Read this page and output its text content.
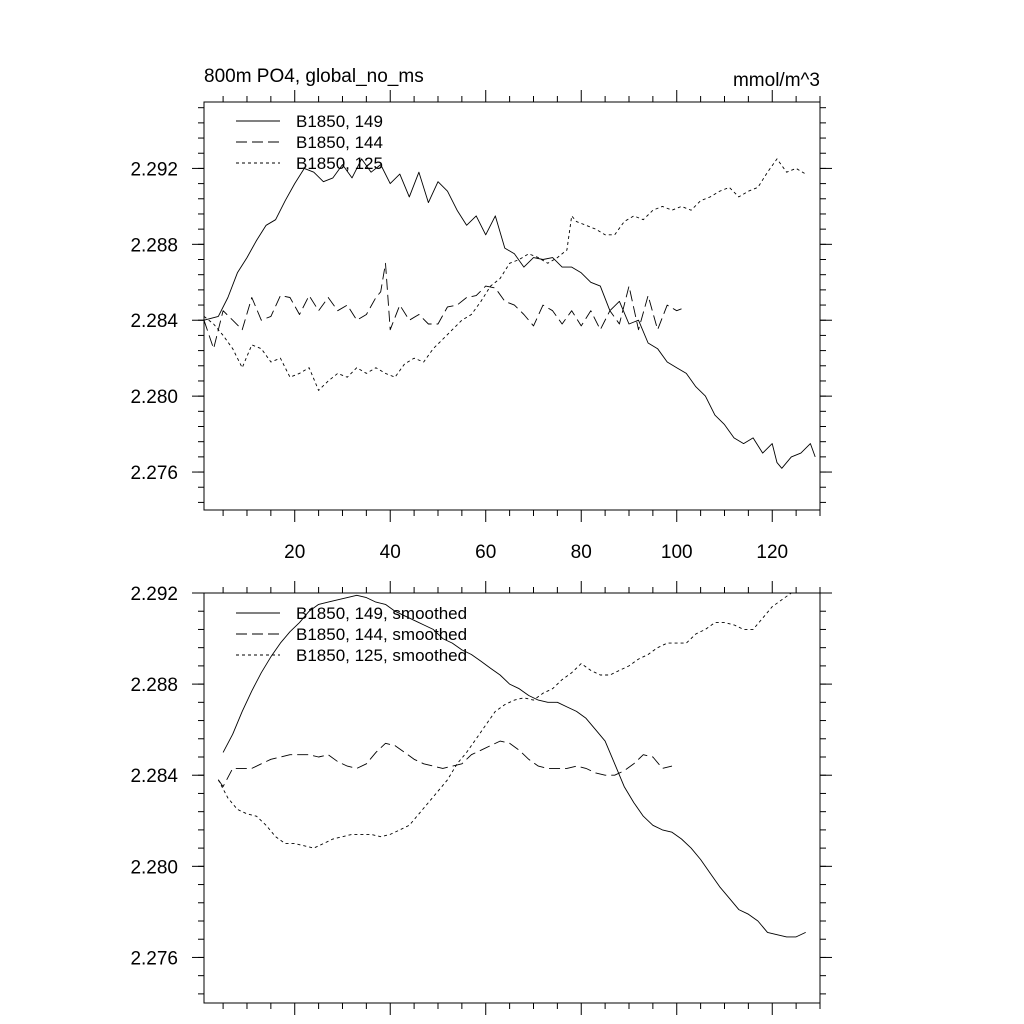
800m PO4, global_no_ms	mmol/m^3
20	40	60	80	100	120
2.276
2.280
2.284
2.288
2.292
B1850, 149
B1850, 144
B1850, 125
2.276
2.280
2.284
2.288
2.292
B1850, 149, smoothed
B1850, 144, smoothed
B1850, 125, smoothed
